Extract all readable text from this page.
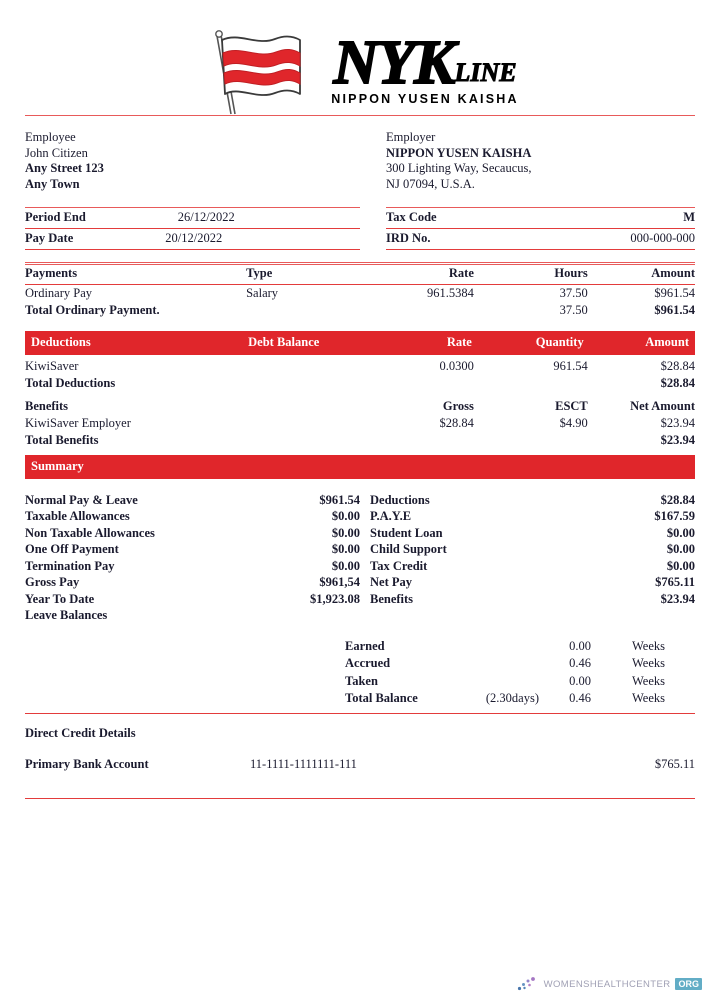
NYK LINE
NIPPON YUSEN KAISHA
Employee
John Citizen
Any Street 123
Any Town
Period End	26/12/2022
Pay Date	20/12/2022
Employer
NIPPON YUSEN KAISHA
300 Lighting Way, Secaucus,
NJ 07094, U.S.A.
Tax Code	M
IRD No.	000-000-000
Payments	Type	Rate	Hours	Amount

Ordinary Pay	Salary	961.5384	37.50	$961.54
Total Ordinary Payment.			37.50	$961.54
Deductions	Debt Balance	Rate	Quantity	Amount
KiwiSaver		0.0300	961.54	$28.84
Total Deductions				$28.84
Benefits		Gross	ESCT	Net Amount
KiwiSaver Employer		$28.84	$4.90	$23.94
Total Benefits				$23.94
Summary
Normal Pay & Leave	$961.54
Taxable Allowances	$0.00
Non Taxable Allowances	$0.00
One Off Payment	$0.00
Termination Pay	$0.00
Gross Pay	$961,54
Year To Date	$1,923.08
Leave Balances
Deductions	$28.84
P.A.Y.E	$167.59
Student Loan	$0.00
Child Support	$0.00
Tax Credit	$0.00
Net Pay	$765.11
Benefits	$23.94
Earned		0.00	Weeks
Accrued		0.46	Weeks
Taken		0.00	Weeks
Total Balance	(2.30days)	0.46	Weeks
Direct Credit Details
Primary Bank Account	11-1111-1111111-111	$765.11
WOMENSHEALTHCENTER ORG
